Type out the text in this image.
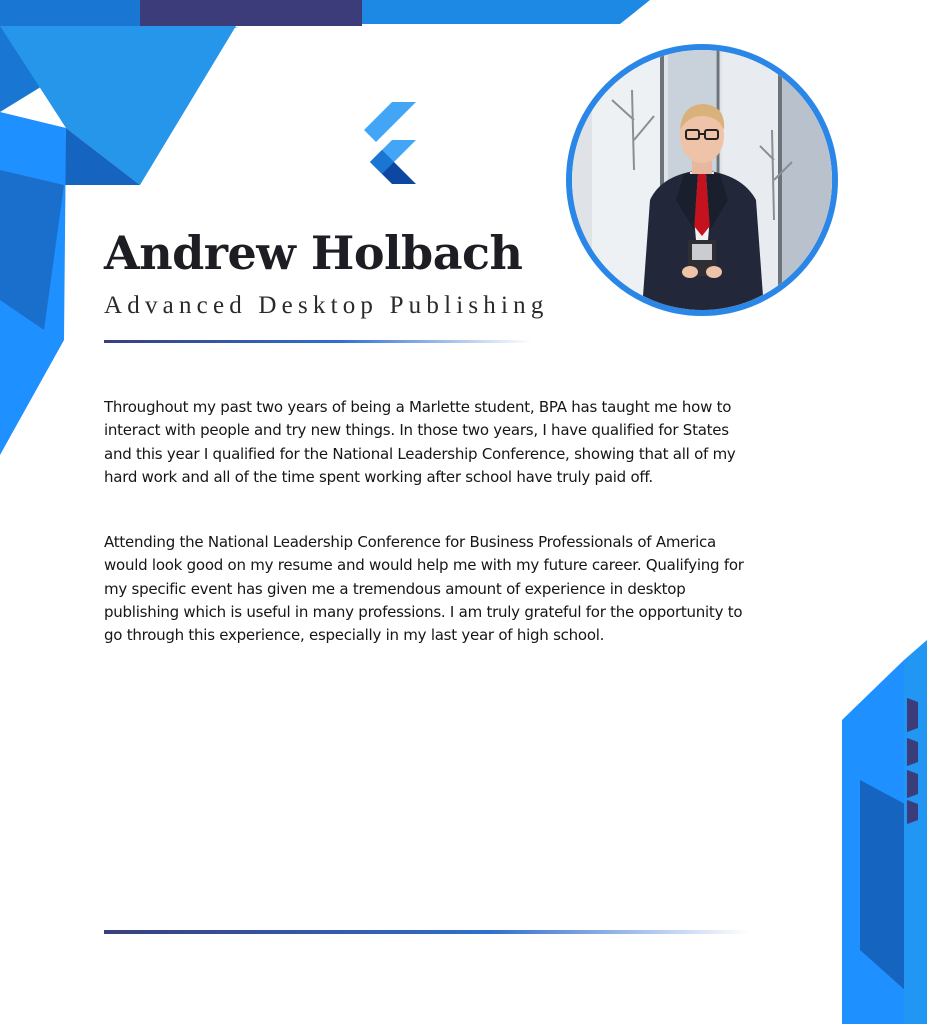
Andrew Holbach
Advanced Desktop Publishing

Throughout my past two years of being a Marlette student, BPA has taught me how to interact with people and try new things. In those two years, I have qualified for States and this year I qualified for the National Leadership Conference, showing that all of my hard work and all of the time spent working after school have truly paid off.

Attending the National Leadership Conference for Business Professionals of America would look good on my resume and would help me with my future career. Qualifying for my specific event has given me a tremendous amount of experience in desktop publishing which is useful in many professions. I am truly grateful for the opportunity to go through this experience, especially in my last year of high school.
